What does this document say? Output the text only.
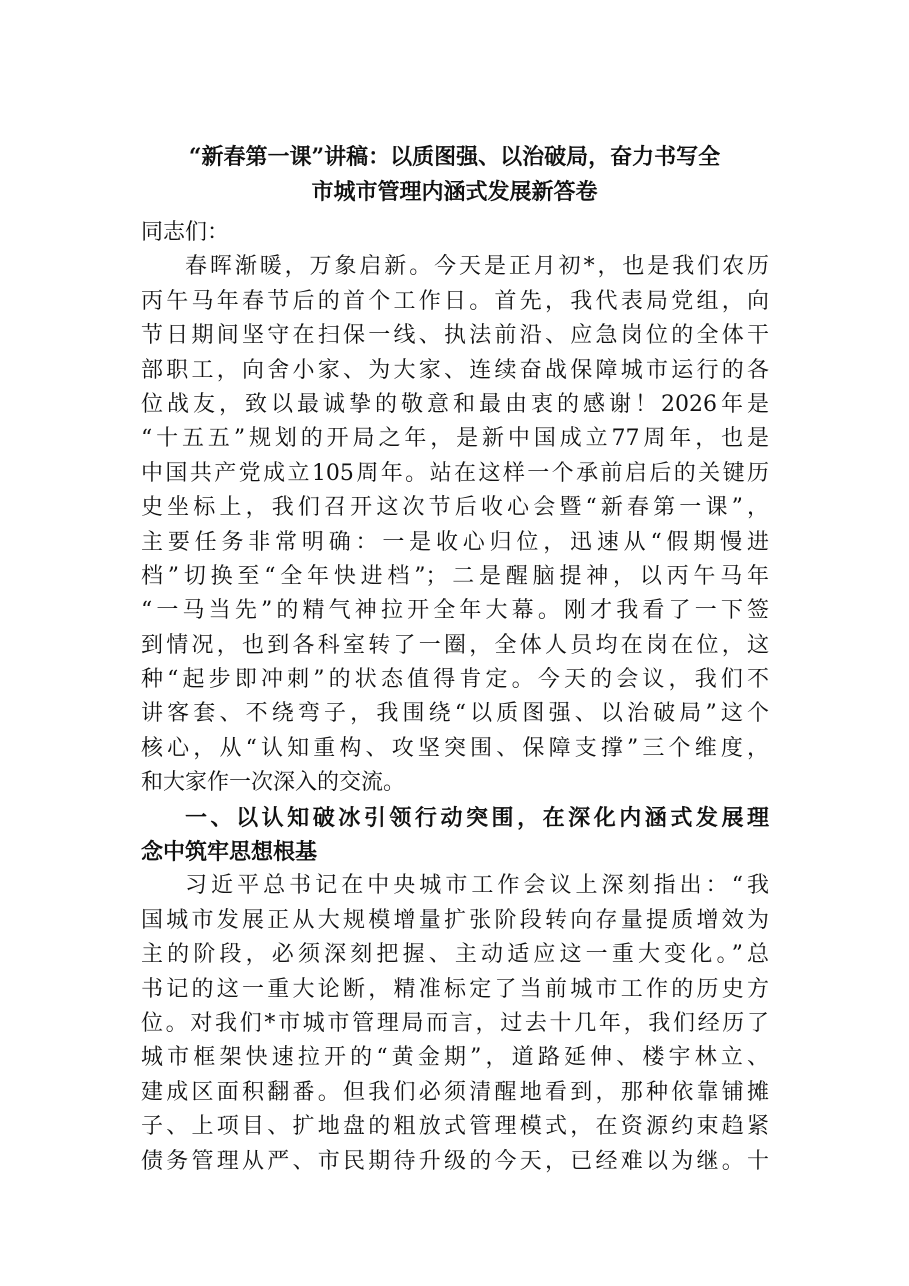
“新春第一课”讲稿：以质图强、以治破局，奋力书写全
市城市管理内涵式发展新答卷
同志们：
春晖渐暖，万象启新。今天是正月初*，也是我们农历
丙午马年春节后的首个工作日。首先，我代表局党组，向
节日期间坚守在扫保一线、执法前沿、应急岗位的全体干
部职工，向舍小家、为大家、连续奋战保障城市运行的各
位战友，致以最诚挚的敬意和最由衷的感谢！2026年是
“十五五”规划的开局之年，是新中国成立77周年，也是
中国共产党成立105周年。站在这样一个承前启后的关键历
史坐标上，我们召开这次节后收心会暨“新春第一课”，
主要任务非常明确：一是收心归位，迅速从“假期慢进
档”切换至“全年快进档”；二是醒脑提神，以丙午马年
“一马当先”的精气神拉开全年大幕。刚才我看了一下签
到情况，也到各科室转了一圈，全体人员均在岗在位，这
种“起步即冲刺”的状态值得肯定。今天的会议，我们不
讲客套、不绕弯子，我围绕“以质图强、以治破局”这个
核心，从“认知重构、攻坚突围、保障支撑”三个维度，
和大家作一次深入的交流。
一、以认知破冰引领行动突围，在深化内涵式发展理
念中筑牢思想根基
习近平总书记在中央城市工作会议上深刻指出：“我
国城市发展正从大规模增量扩张阶段转向存量提质增效为
主的阶段，必须深刻把握、主动适应这一重大变化。”总
书记的这一重大论断，精准标定了当前城市工作的历史方
位。对我们*市城市管理局而言，过去十几年，我们经历了
城市框架快速拉开的“黄金期”，道路延伸、楼宇林立、
建成区面积翻番。但我们必须清醒地看到，那种依靠铺摊
子、上项目、扩地盘的粗放式管理模式，在资源约束趋紧
债务管理从严、市民期待升级的今天，已经难以为继。十
